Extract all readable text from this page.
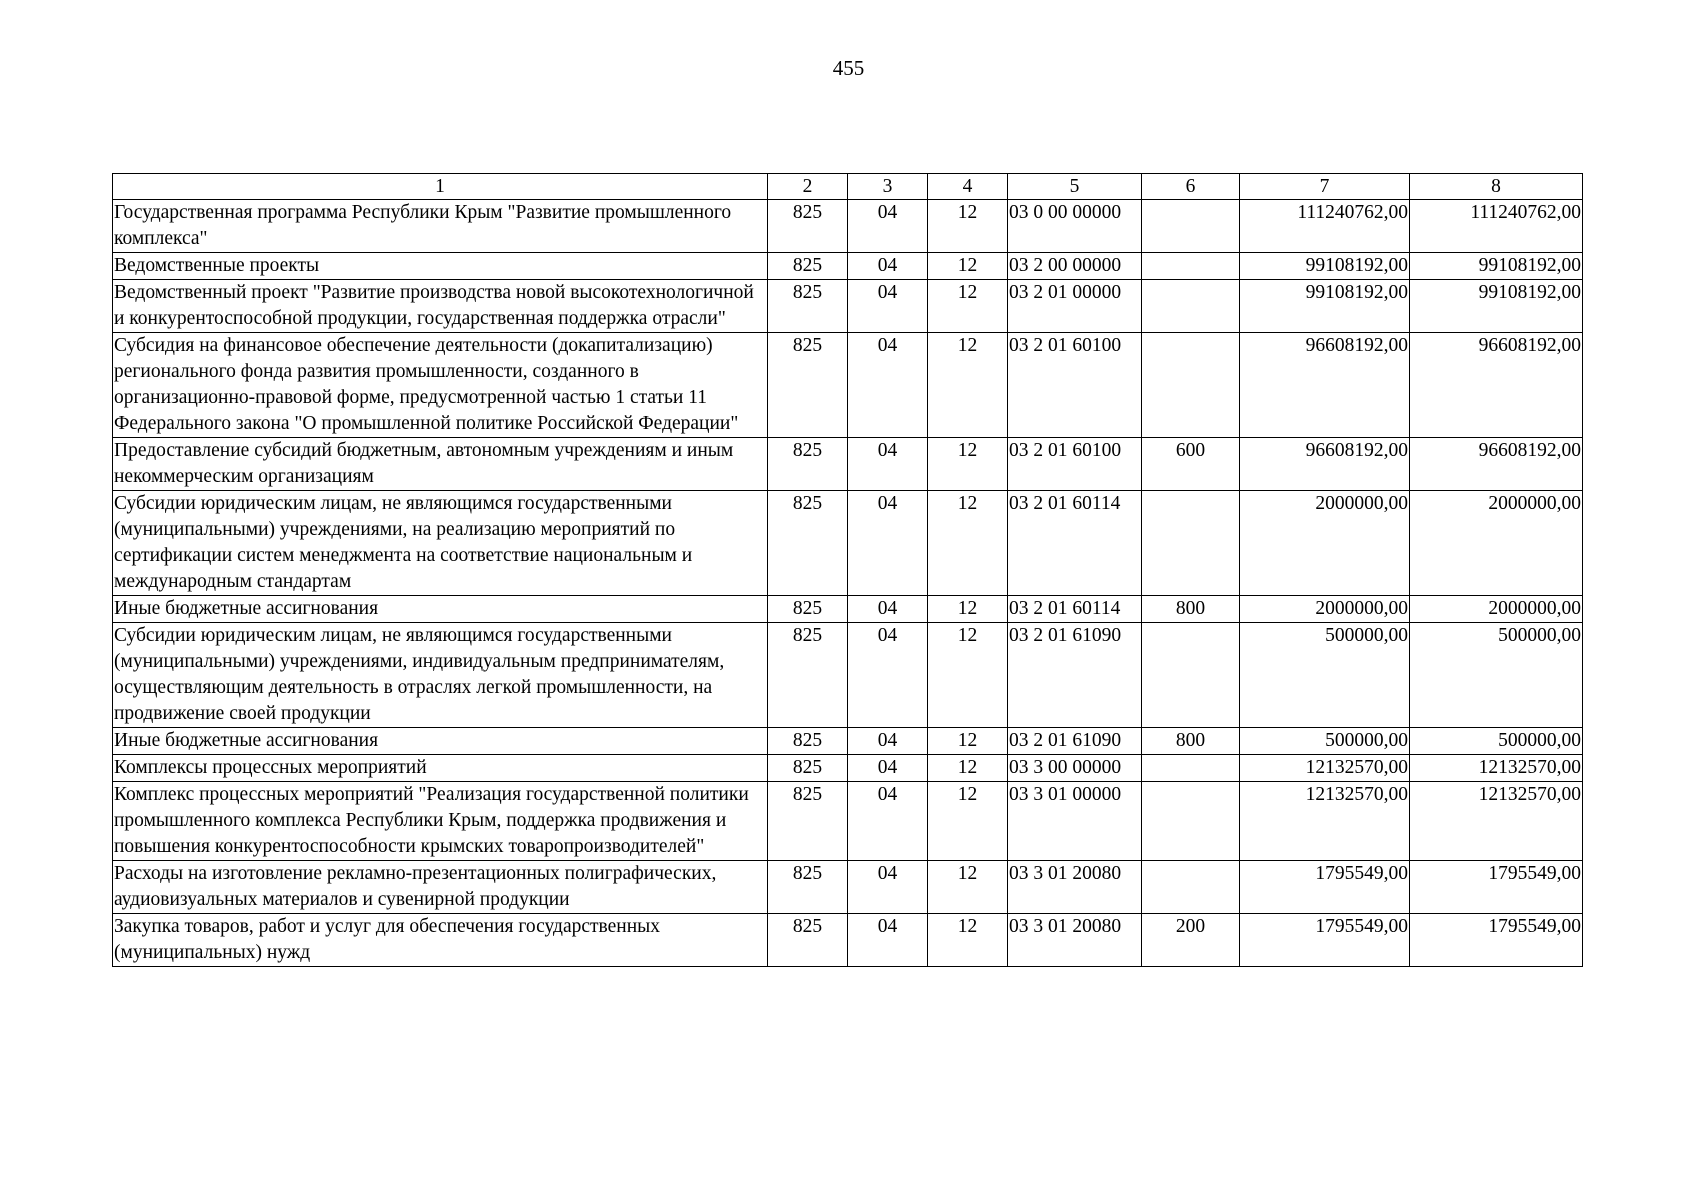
455
1	2	3	4	5	6	7	8
Государственная программа Республики Крым "Развитие промышленного комплекса"	825	04	12	03 0 00 00000		111240762,00	111240762,00
Ведомственные проекты	825	04	12	03 2 00 00000		99108192,00	99108192,00
Ведомственный проект "Развитие производства новой высокотехнологичной и конкурентоспособной продукции, государственная поддержка отрасли"	825	04	12	03 2 01 00000		99108192,00	99108192,00
Субсидия на финансовое обеспечение деятельности (докапитализацию) регионального фонда развития промышленности, созданного в организационно-правовой форме, предусмотренной частью 1 статьи 11 Федерального закона "О промышленной политике Российской Федерации"	825	04	12	03 2 01 60100		96608192,00	96608192,00
Предоставление субсидий бюджетным, автономным учреждениям и иным некоммерческим организациям	825	04	12	03 2 01 60100	600	96608192,00	96608192,00
Субсидии юридическим лицам, не являющимся государственными (муниципальными) учреждениями, на реализацию мероприятий по сертификации систем менеджмента на соответствие национальным и международным стандартам	825	04	12	03 2 01 60114		2000000,00	2000000,00
Иные бюджетные ассигнования	825	04	12	03 2 01 60114	800	2000000,00	2000000,00
Субсидии юридическим лицам, не являющимся государственными (муниципальными) учреждениями, индивидуальным предпринимателям, осуществляющим деятельность в отраслях легкой промышленности, на продвижение своей продукции	825	04	12	03 2 01 61090		500000,00	500000,00
Иные бюджетные ассигнования	825	04	12	03 2 01 61090	800	500000,00	500000,00
Комплексы процессных мероприятий	825	04	12	03 3 00 00000		12132570,00	12132570,00
Комплекс процессных мероприятий "Реализация государственной политики промышленного комплекса Республики Крым, поддержка продвижения и повышения конкурентоспособности крымских товаропроизводителей"	825	04	12	03 3 01 00000		12132570,00	12132570,00
Расходы на изготовление рекламно-презентационных полиграфических, аудиовизуальных материалов и сувенирной продукции	825	04	12	03 3 01 20080		1795549,00	1795549,00
Закупка товаров, работ и услуг для обеспечения государственных (муниципальных) нужд	825	04	12	03 3 01 20080	200	1795549,00	1795549,00
